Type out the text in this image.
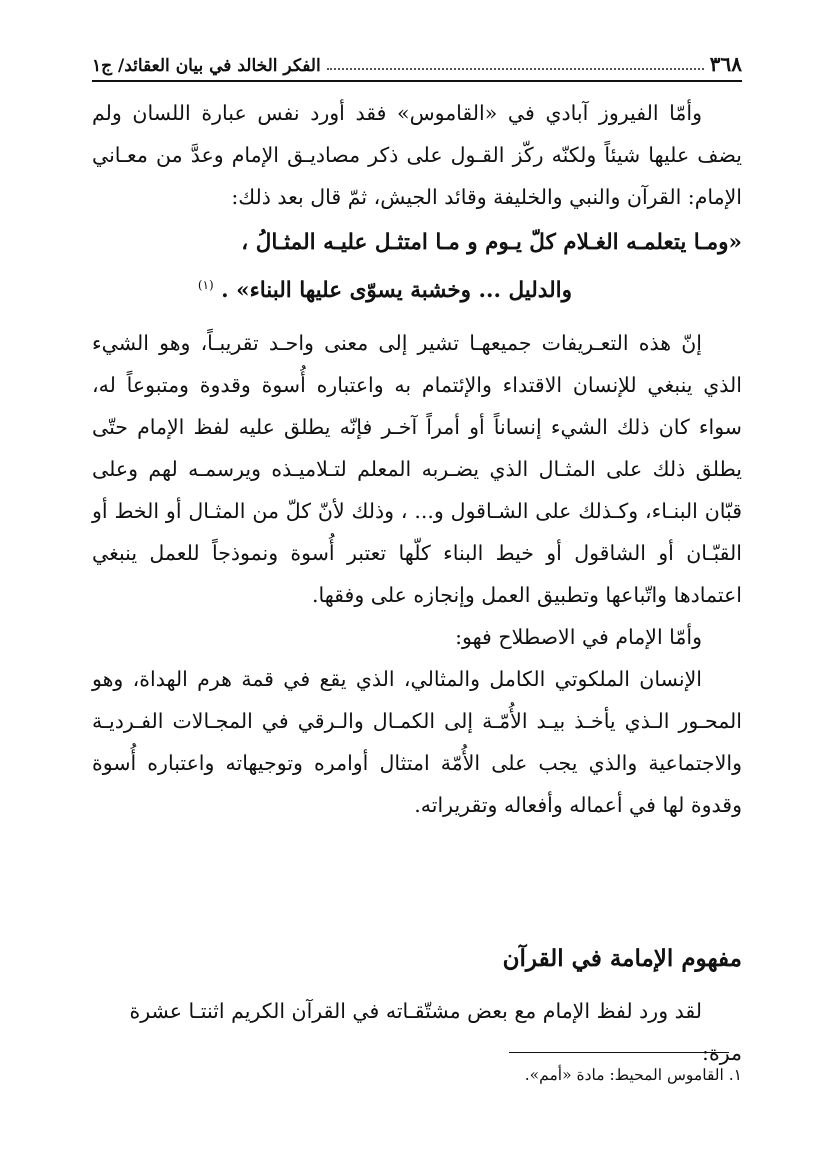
٣٦٨
الفكر الخالد في بيان العقائد/ ج١

وأمّا الفيروز آبادي في «القاموس» فقد أورد نفس عبارة اللسان ولم يضف عليها شيئاً ولكنّه ركّز القـول على ذكر مصاديـق الإمام وعدَّ من معـاني الإمام: القرآن والنبي والخليفة وقائد الجيش، ثمّ قال بعد ذلك:

«ومـا يتعلمـه الغـلام كلّ يـوم و مـا امتثـل عليـه المثـالُ ،
والدليل ... وخشبة يسوّى عليها البناء» . $^{(١)}$

إنّ هذه التعـريفات جميعهـا تشير إلى معنى واحـد تقريبـاً، وهو الشيء الذي ينبغي للإنسان الاقتداء والإئتمام به واعتباره أُسوة وقدوة ومتبوعاً له، سواء كان ذلك الشيء إنساناً أو أمراً آخـر فإنّه يطلق عليه لفظ الإمام حتّى يطلق ذلك على المثـال الذي يضـربه المعلم لتـلاميـذه ويرسمـه لهم وعلى قبّان البنـاء، وكـذلك على الشـاقول و... ، وذلك لأنّ كلّ من المثـال أو الخط أو القبّـان أو الشاقول أو خيط البناء كلّها تعتبر أُسوة ونموذجاً للعمل ينبغي اعتمادها واتّباعها وتطبيق العمل وإنجازه على وفقها.

وأمّا الإمام في الاصطلاح فهو:

الإنسان الملكوتي الكامل والمثالي، الذي يقع في قمة هرم الهداة، وهو المحـور الـذي يأخـذ بيـد الأُمّـة إلى الكمـال والـرقي في المجـالات الفـرديـة والاجتماعية والذي يجب على الأُمّة امتثال أوامره وتوجيهاته واعتباره أُسوة وقدوة لها في أعماله وأفعاله وتقريراته.

مفهوم الإمامة في القرآن
لقد ورد لفظ الإمام مع بعض مشتّقـاته في القرآن الكريم اثنتـا عشرة مرة:
١. القاموس المحيط: مادة «أمم».
